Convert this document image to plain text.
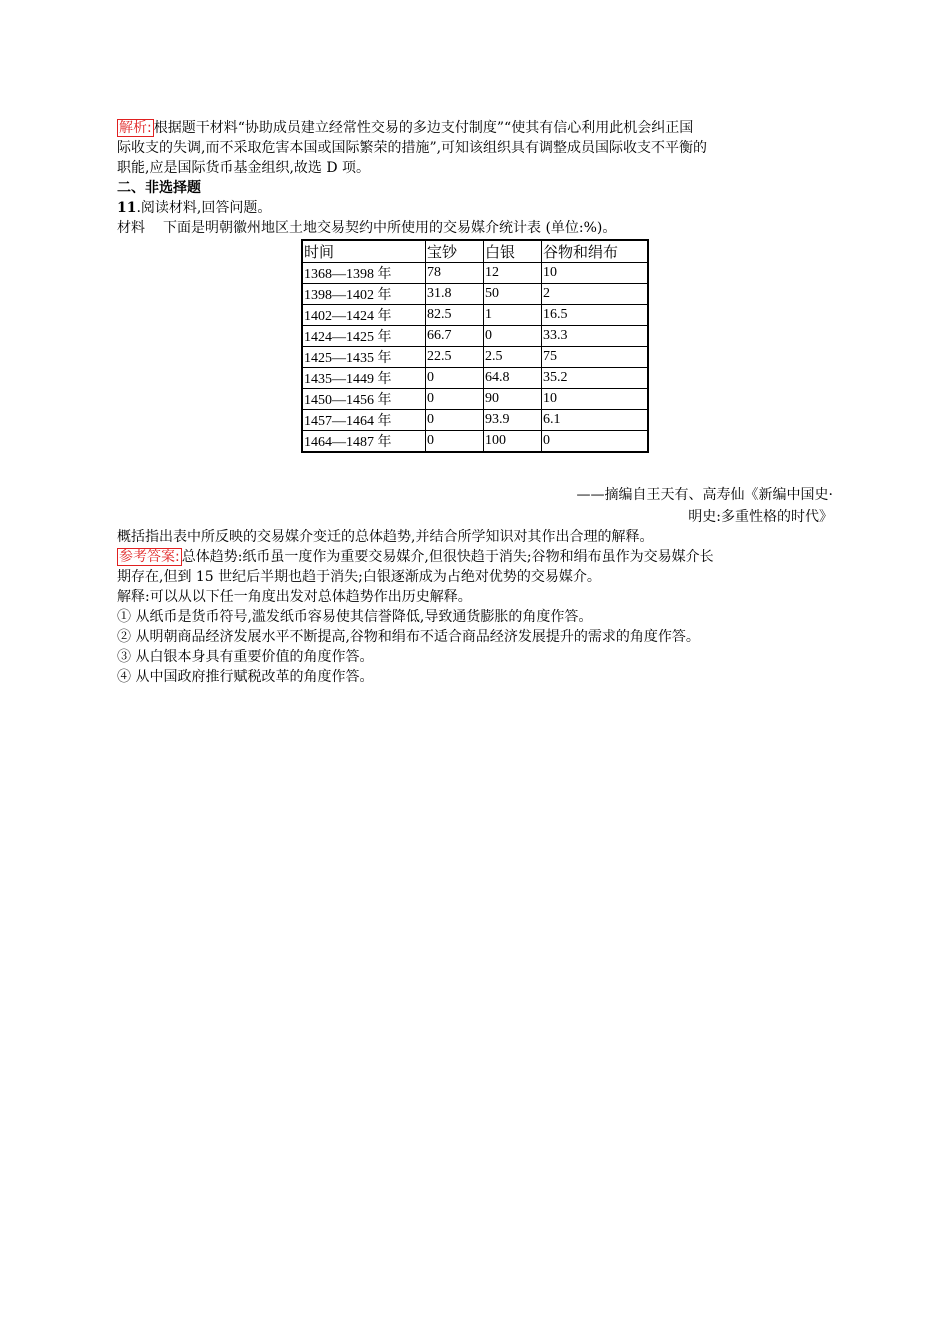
解析: 根据题干材料“协助成员建立经常性交易的多边支付制度”“使其有信心利用此机会纠正国
际收支的失调,而不采取危害本国或国际繁荣的措施”,可知该组织具有调整成员国际收支不平衡的
职能,应是国际货币基金组织,故选 D 项。
二、非选择题
11.阅读材料,回答问题。
材料 下面是明朝徽州地区土地交易契约中所使用的交易媒介统计表 (单位:%)。
时间	宝钞	白银	谷物和绢布
1368—1398 年	78	12	10
1398—1402 年	31.8	50	2
1402—1424 年	82.5	1	16.5
1424—1425 年	66.7	0	33.3
1425—1435 年	22.5	2.5	75
1435—1449 年	0	64.8	35.2
1450—1456 年	0	90	10
1457—1464 年	0	93.9	6.1
1464—1487 年	0	100	0
——摘编自王天有、高寿仙《新编中国史·
明史:多重性格的时代》
概括指出表中所反映的交易媒介变迁的总体趋势,并结合所学知识对其作出合理的解释。
参考答案: 总体趋势:纸币虽一度作为重要交易媒介,但很快趋于消失;谷物和绢布虽作为交易媒介长
期存在,但到 15 世纪后半期也趋于消失;白银逐渐成为占绝对优势的交易媒介。
解释:可以从以下任一角度出发对总体趋势作出历史解释。
① 从纸币是货币符号,滥发纸币容易使其信誉降低,导致通货膨胀的角度作答。
② 从明朝商品经济发展水平不断提高,谷物和绢布不适合商品经济发展提升的需求的角度作答。
③ 从白银本身具有重要价值的角度作答。
④ 从中国政府推行赋税改革的角度作答。
